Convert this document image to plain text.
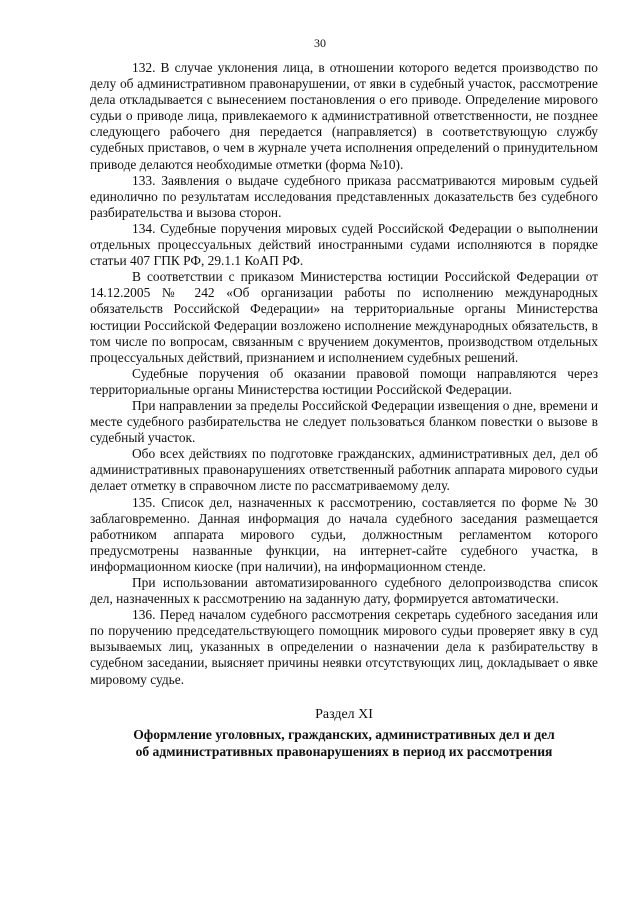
30

132. В случае уклонения лица, в отношении которого ведется производство по делу об административном правонарушении, от явки в судебный участок, рассмотрение дела откладывается с вынесением постановления о его приводе. Определение мирового судьи о приводе лица, привлекаемого к административной ответственности, не позднее следующего рабочего дня передается (направляется) в соответствующую службу судебных приставов, о чем в журнале учета исполнения определений о принудительном приводе делаются необходимые отметки (форма №10).

133. Заявления о выдаче судебного приказа рассматриваются мировым судьей единолично по результатам исследования представленных доказательств без судебного разбирательства и вызова сторон.

134. Судебные поручения мировых судей Российской Федерации о выполнении отдельных процессуальных действий иностранными судами исполняются в порядке статьи 407 ГПК РФ, 29.1.1 КоАП РФ.

В соответствии с приказом Министерства юстиции Российской Федерации от 14.12.2005 № 242 «Об организации работы по исполнению международных обязательств Российской Федерации» на территориальные органы Министерства юстиции Российской Федерации возложено исполнение международных обязательств, в том числе по вопросам, связанным с вручением документов, производством отдельных процессуальных действий, признанием и исполнением судебных решений.

Судебные поручения об оказании правовой помощи направляются через территориальные органы Министерства юстиции Российской Федерации.

При направлении за пределы Российской Федерации извещения о дне, времени и месте судебного разбирательства не следует пользоваться бланком повестки о вызове в судебный участок.

Обо всех действиях по подготовке гражданских, административных дел, дел об административных правонарушениях ответственный работник аппарата мирового судьи делает отметку в справочном листе по рассматриваемому делу.

135. Список дел, назначенных к рассмотрению, составляется по форме № 30 заблаговременно. Данная информация до начала судебного заседания размещается работником аппарата мирового судьи, должностным регламентом которого предусмотрены названные функции, на интернет-сайте судебного участка, в информационном киоске (при наличии), на информационном стенде.

При использовании автоматизированного судебного делопроизводства список дел, назначенных к рассмотрению на заданную дату, формируется автоматически.

136. Перед началом судебного рассмотрения секретарь судебного заседания или по поручению председательствующего помощник мирового судьи проверяет явку в суд вызываемых лиц, указанных в определении о назначении дела к разбирательству в судебном заседании, выясняет причины неявки отсутствующих лиц, докладывает о явке мировому судье.

Раздел XI

Оформление уголовных, гражданских, административных дел и дел

об административных правонарушениях в период их рассмотрения
